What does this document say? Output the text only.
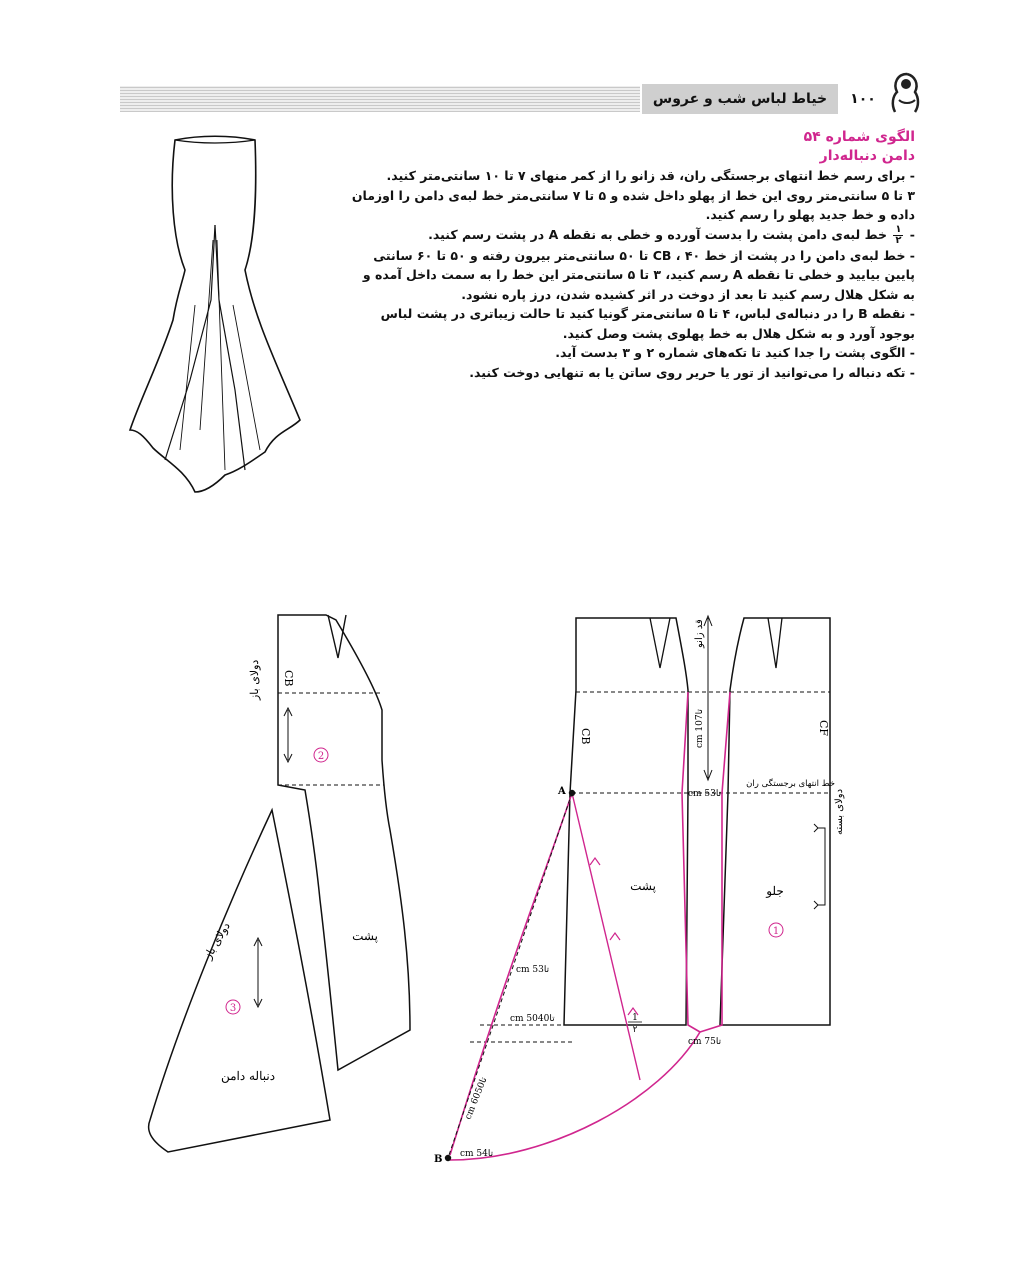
خیاط لباس شب و عروس	۱۰۰
الگوی شماره ۵۴
دامن دنباله‌دار
- برای رسم خط انتهای برجستگی ران، قد زانو را از کمر منهای ۷ تا ۱۰ سانتی‌متر کنید.
۳ تا ۵ سانتی‌متر روی این خط از پهلو داخل شده و ۵ تا ۷ سانتی‌متر خط لبه‌ی دامن را اوزمان داده و خط جدید پهلو را رسم کنید.
-
$\frac{۱}{۲}$
خط لبه‌ی دامن پشت را بدست آورده و خطی به نقطه A در پشت رسم کنید.
- خط لبه‌ی دامن را در پشت از خط CB ، ۴۰ تا ۵۰ سانتی‌متر بیرون رفته و ۵۰ تا ۶۰ سانتی پایین بیایید و خطی تا نقطه A رسم کنید، ۳ تا ۵ سانتی‌متر این خط را به سمت داخل آمده و به شکل هلال رسم کنید تا بعد از دوخت در اثر کشیده شدن، درز پاره نشود.
- نقطه B را در دنباله‌ی لباس، ۴ تا ۵ سانتی‌متر گونیا کنید تا حالت زیباتری در پشت لباس بوجود آورد و به شکل هلال به خط پهلوی پشت وصل کنید.
- الگوی پشت را جدا کنید تا تکه‌های شماره ۲ و ۳ بدست آید.
- تکه دنباله را می‌توانید از تور یا حریر روی ساتن یا به تنهایی دوخت کنید.
CB
دولای باز
2
پشت
دولای باز
3
دنباله دامن
CB	CF
قد زانو
cm 10تا7
خط انتهای برجستگی ران
cm 5تا3
A
B
دولای بسته
پشت	جلو
1
cm 5تا3
cm 50تا40	1
۲
cm 7تا5
cm 60تا50
cm 5تا4
